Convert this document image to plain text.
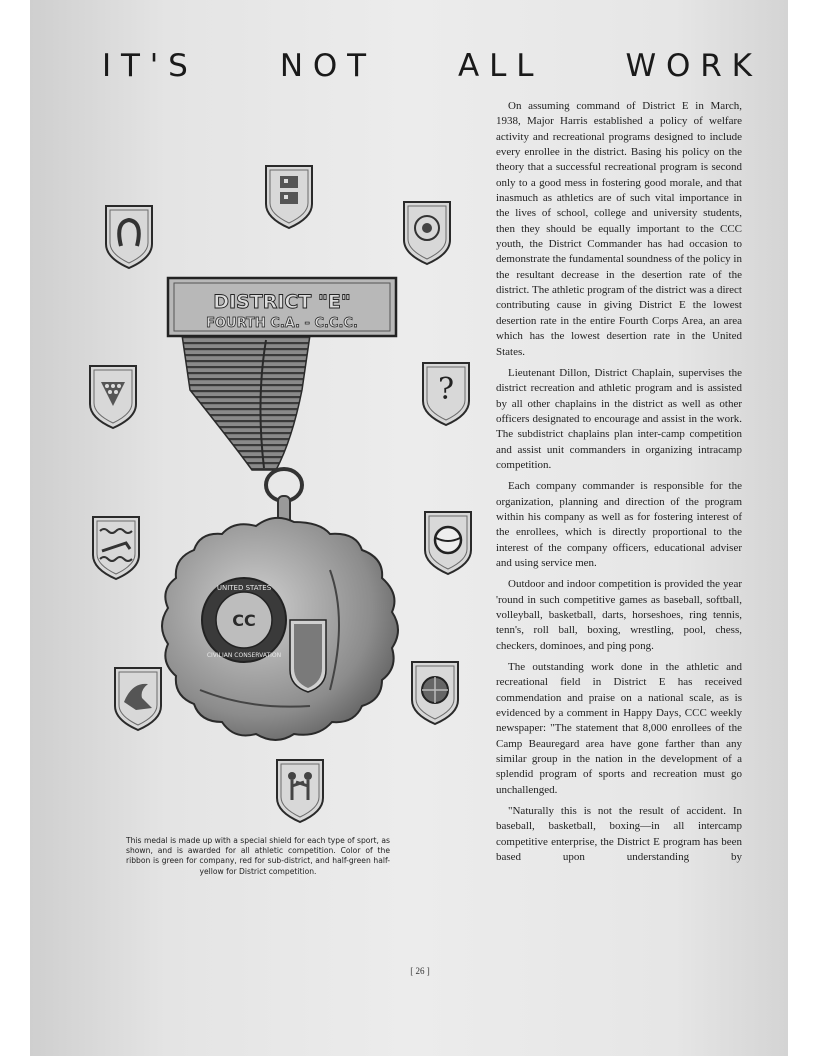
I T ' S	N O T	A L L	W O R K
?
DISTRICT "E"
FOURTH C.A. - C.C.C.
UNITED STATES
CC
CIVILIAN CONSERVATION
This medal is made up with a special shield for each type of sport, as shown, and is awarded for all athletic competition. Color of the ribbon is green for company, red for sub-district, and half-green half-yellow for District competition.

On assuming command of District E in March, 1938, Major Harris established a policy of welfare activity and recreational programs designed to include every enrollee in the district. Basing his policy on the theory that a successful recreational program is second only to a good mess in fostering good morale, and that inasmuch as athletics are of such vital importance in the lives of school, college and university students, then they should be equally important to the CCC youth, the District Commander has had occasion to demonstrate the fundamental soundness of the policy in the resultant decrease in the desertion rate of the district. The athletic program of the district was a direct contributing cause in giving District E the lowest desertion rate in the entire Fourth Corps Area, an area which has the lowest desertion rate in the United States.

Lieutenant Dillon, District Chaplain, supervises the district recreation and athletic program and is assisted by all other chaplains in the district as well as other officers designated to encourage and assist in the work. The subdistrict chaplains plan inter-camp competition and assist unit commanders in organizing intracamp competition.

Each company commander is responsible for the organization, planning and direction of the program within his company as well as for fostering interest of the enrollees, which is directly proportional to the interest of the company officers, educational adviser and using service men.

Outdoor and indoor competition is provided the year 'round in such competitive games as baseball, softball, volleyball, basketball, darts, horseshoes, ring tennis, tenn's, roll ball, boxing, wrestling, pool, chess, checkers, dominoes, and ping pong.

The outstanding work done in the athletic and recreational field in District E has received commendation and praise on a national scale, as is evidenced by a comment in Happy Days, CCC weekly newspaper: "The statement that 8,000 enrollees of the Camp Beauregard area have gone farther than any similar group in the nation in the development of a splendid program of sports and recreation must go unchallenged.

"Naturally this is not the result of accident. In baseball, basketball, boxing—in all intercamp competitive enterprise, the District E program has been based upon understanding by

[ 26 ]
